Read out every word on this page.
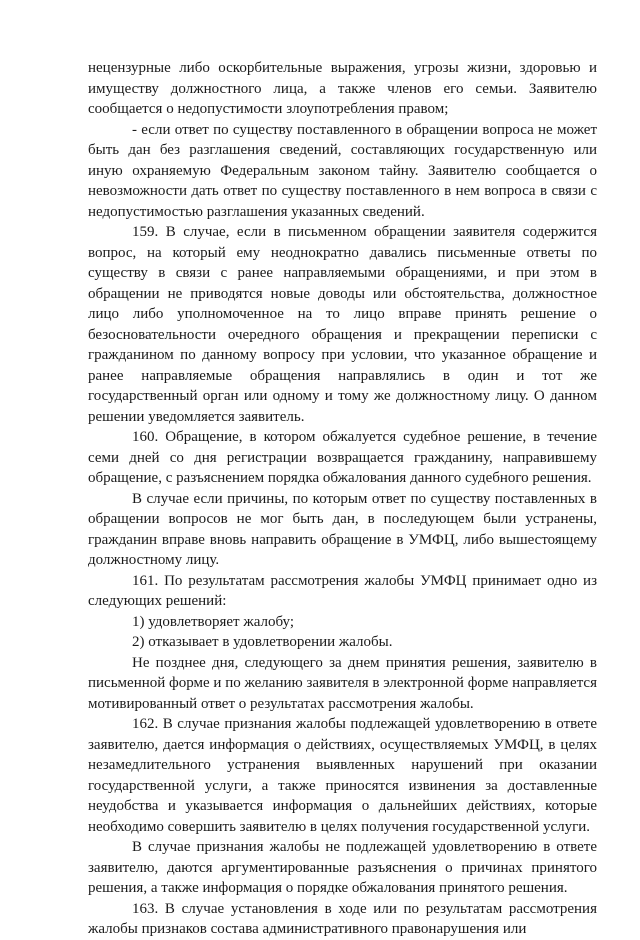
нецензурные либо оскорбительные выражения, угрозы жизни, здоровью и имуществу должностного лица, а также членов его семьи. Заявителю сообщается о недопустимости злоупотребления правом;

- если ответ по существу поставленного в обращении вопроса не может быть дан без разглашения сведений, составляющих государственную или иную охраняемую Федеральным законом тайну. Заявителю сообщается о невозможности дать ответ по существу поставленного в нем вопроса в связи с недопустимостью разглашения указанных сведений.

159. В случае, если в письменном обращении заявителя содержится вопрос, на который ему неоднократно давались письменные ответы по существу в связи с ранее направляемыми обращениями, и при этом в обращении не приводятся новые доводы или обстоятельства, должностное лицо либо уполномоченное на то лицо вправе принять решение о безосновательности очередного обращения и прекращении переписки с гражданином по данному вопросу при условии, что указанное обращение и ранее направляемые обращения направлялись в один и тот же государственный орган или одному и тому же должностному лицу. О данном решении уведомляется заявитель.

160. Обращение, в котором обжалуется судебное решение, в течение семи дней со дня регистрации возвращается гражданину, направившему обращение, с разъяснением порядка обжалования данного судебного решения.

В случае если причины, по которым ответ по существу поставленных в обращении вопросов не мог быть дан, в последующем были устранены, гражданин вправе вновь направить обращение в УМФЦ, либо вышестоящему должностному лицу.

161. По результатам рассмотрения жалобы УМФЦ принимает одно из следующих решений:

1) удовлетворяет жалобу;

2) отказывает в удовлетворении жалобы.

Не позднее дня, следующего за днем принятия решения, заявителю в письменной форме и по желанию заявителя в электронной форме направляется мотивированный ответ о результатах рассмотрения жалобы.

162. В случае признания жалобы подлежащей удовлетворению в ответе заявителю, дается информация о действиях, осуществляемых УМФЦ, в целях незамедлительного устранения выявленных нарушений при оказании государственной услуги, а также приносятся извинения за доставленные неудобства и указывается информация о дальнейших действиях, которые необходимо совершить заявителю в целях получения государственной услуги.

В случае признания жалобы не подлежащей удовлетворению в ответе заявителю, даются аргументированные разъяснения о причинах принятого решения, а также информация о порядке обжалования принятого решения.

163. В случае установления в ходе или по результатам рассмотрения жалобы признаков состава административного правонарушения или
